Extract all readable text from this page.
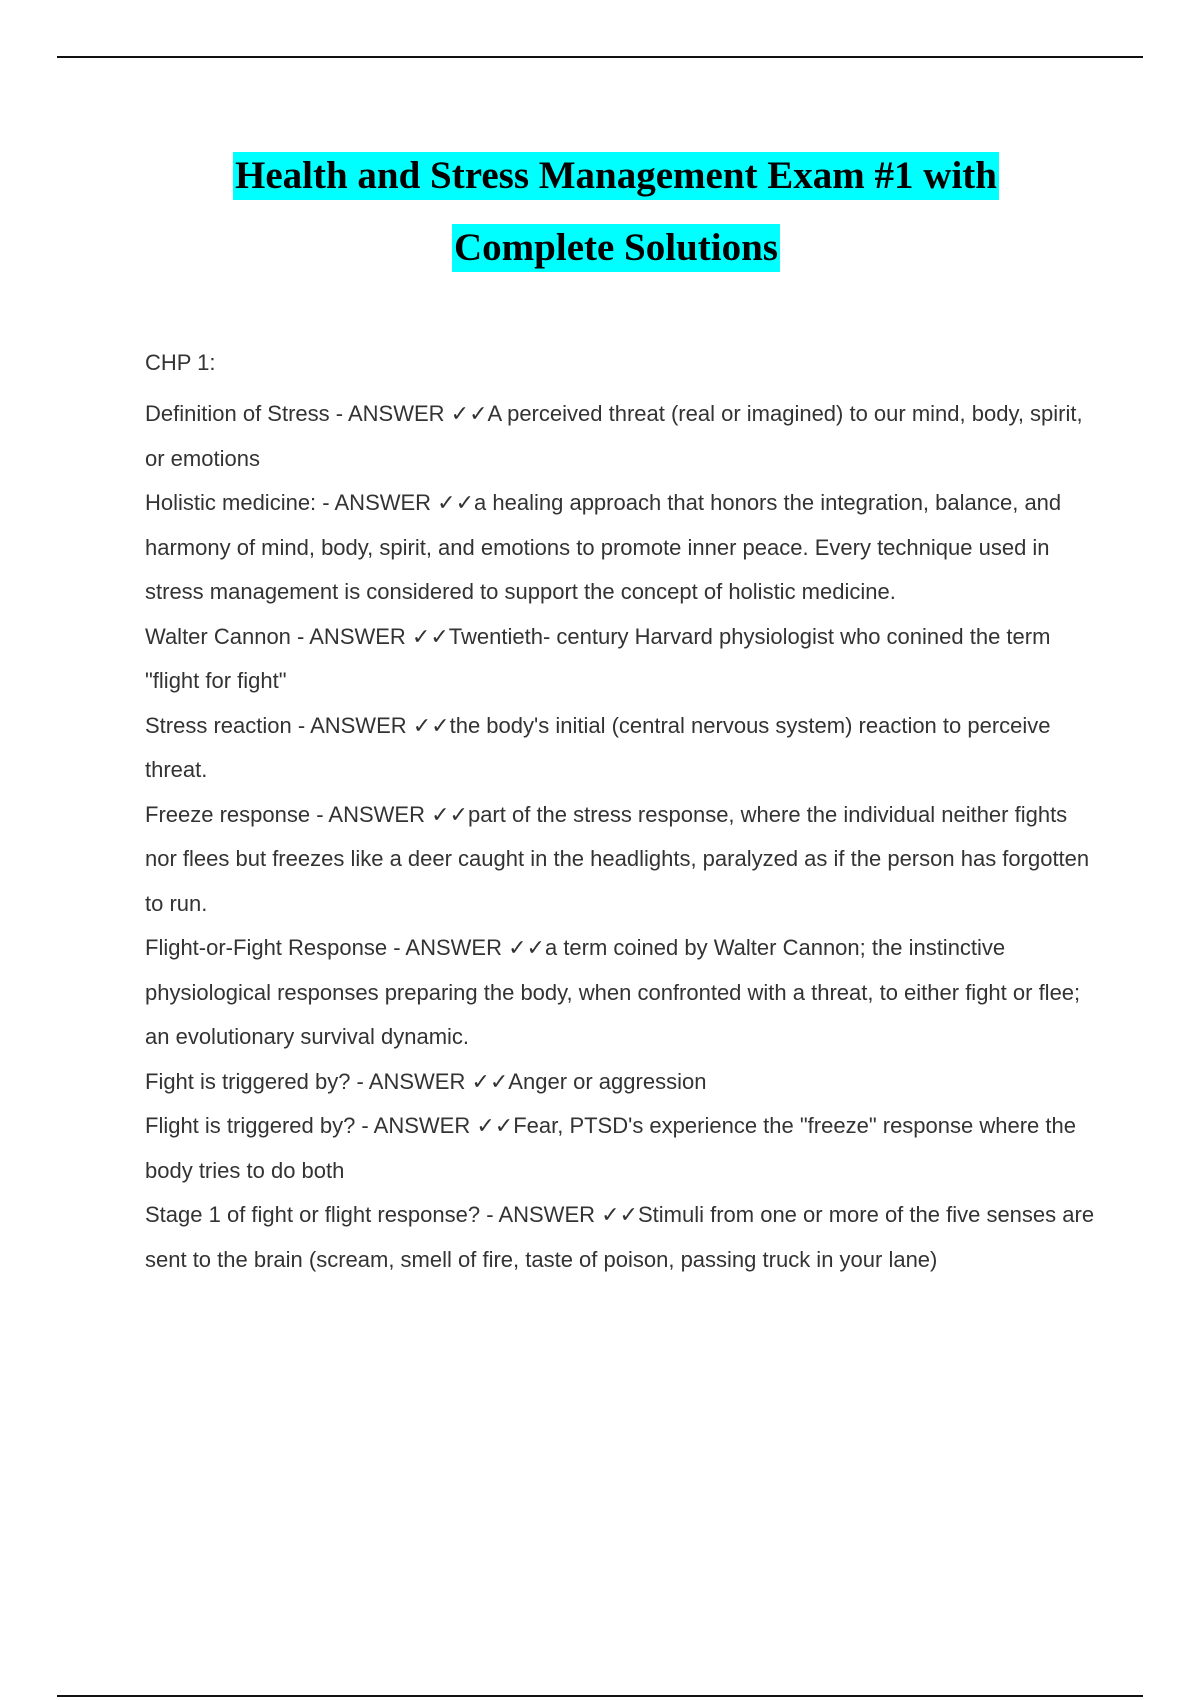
Health and Stress Management Exam #1 with
Complete Solutions
CHP 1:

Definition of Stress - ANSWER ✓✓A perceived threat (real or imagined) to our mind, body, spirit, or emotions

Holistic medicine: - ANSWER ✓✓a healing approach that honors the integration, balance, and harmony of mind, body, spirit, and emotions to promote inner peace. Every technique used in stress management is considered to support the concept of holistic medicine.

Walter Cannon - ANSWER ✓✓Twentieth- century Harvard physiologist who conined the term "flight for fight"

Stress reaction - ANSWER ✓✓the body's initial (central nervous system) reaction to perceive threat.

Freeze response - ANSWER ✓✓part of the stress response, where the individual neither fights nor flees but freezes like a deer caught in the headlights, paralyzed as if the person has forgotten to run.

Flight-or-Fight Response - ANSWER ✓✓a term coined by Walter Cannon; the instinctive physiological responses preparing the body, when confronted with a threat, to either fight or flee; an evolutionary survival dynamic.

Fight is triggered by? - ANSWER ✓✓Anger or aggression

Flight is triggered by? - ANSWER ✓✓Fear, PTSD's experience the "freeze" response where the body tries to do both

Stage 1 of fight or flight response? - ANSWER ✓✓Stimuli from one or more of the five senses are sent to the brain (scream, smell of fire, taste of poison, passing truck in your lane)
